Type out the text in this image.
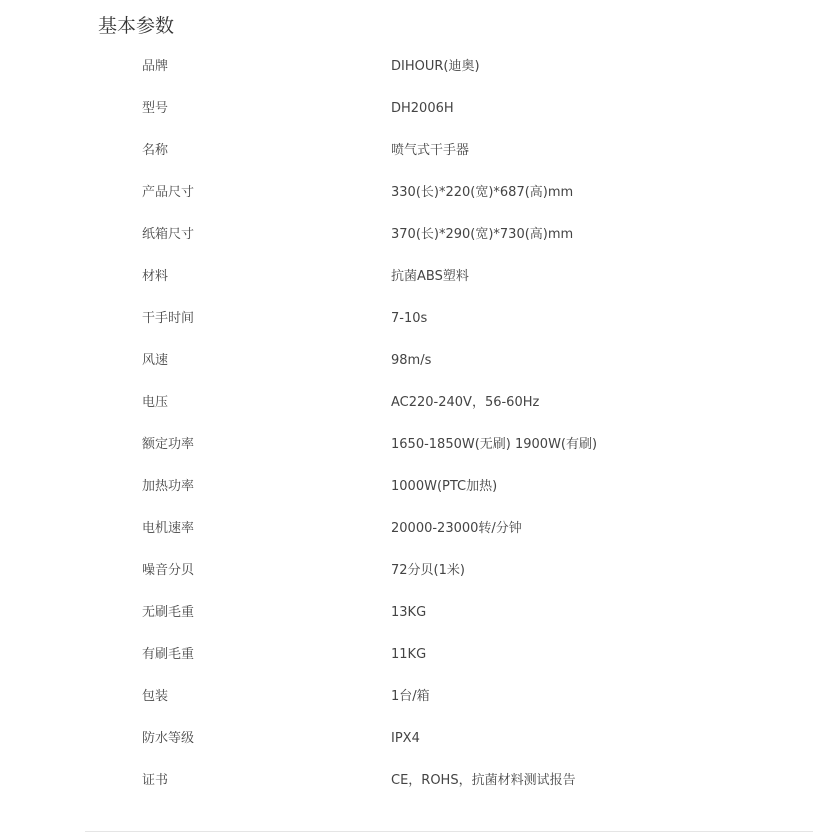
基本参数
品牌	DIHOUR(迪奥)
型号	DH2006H
名称	喷气式干手器
产品尺寸	330(长)*220(宽)*687(高)mm
纸箱尺寸	370(长)*290(宽)*730(高)mm
材料	抗菌ABS塑料
干手时间	7-10s
风速	98m/s
电压	AC220-240V，56-60Hz
额定功率	1650-1850W(无刷) 1900W(有刷)
加热功率	1000W(PTC加热)
电机速率	20000-23000转/分钟
噪音分贝	72分贝(1米)
无刷毛重	13KG
有刷毛重	11KG
包装	1台/箱
防水等级	IPX4
证书	CE，ROHS，抗菌材料测试报告
